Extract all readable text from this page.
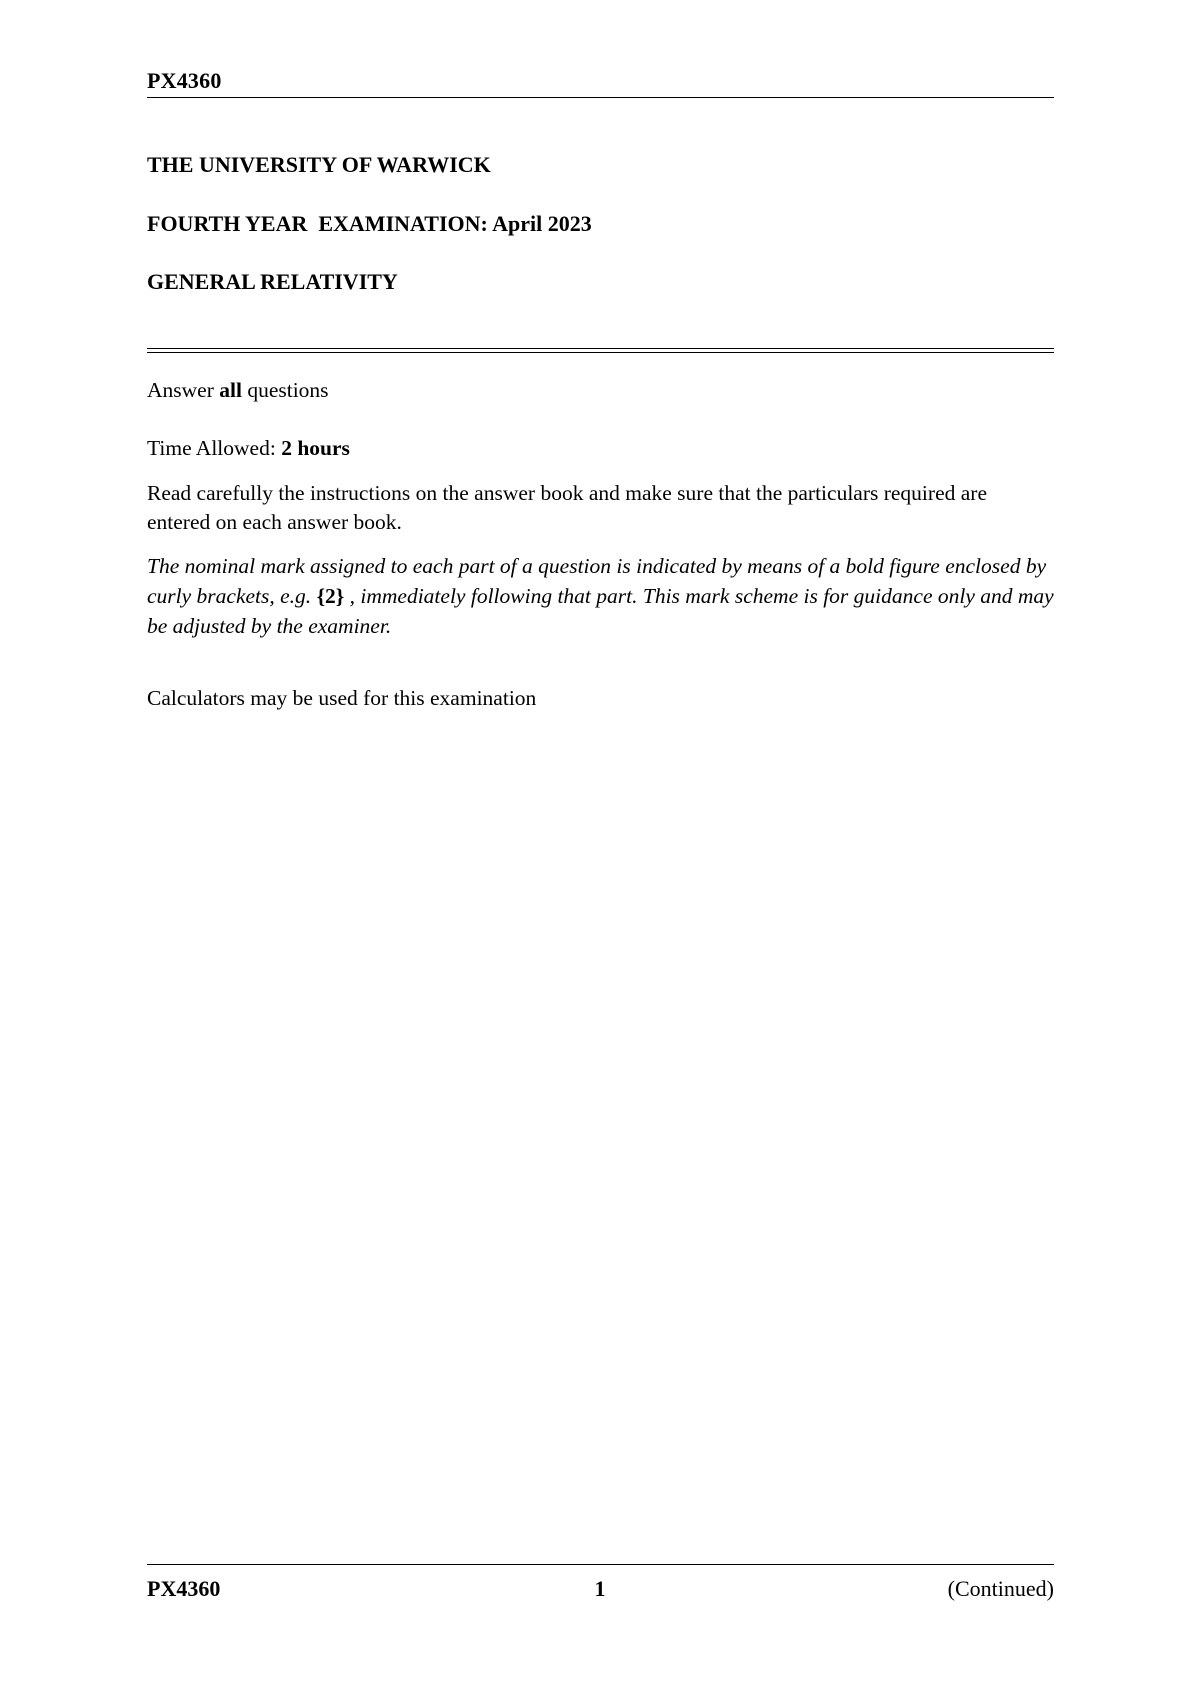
PX4360
THE UNIVERSITY OF WARWICK
FOURTH YEAR  EXAMINATION: April 2023
GENERAL RELATIVITY
Answer all questions
Time Allowed: 2 hours
Read carefully the instructions on the answer book and make sure that the particulars required are entered on each answer book.
The nominal mark assigned to each part of a question is indicated by means of a bold figure enclosed by curly brackets, e.g. {2} , immediately following that part. This mark scheme is for guidance only and may be adjusted by the examiner.
Calculators may be used for this examination
PX4360	1	(Continued)
